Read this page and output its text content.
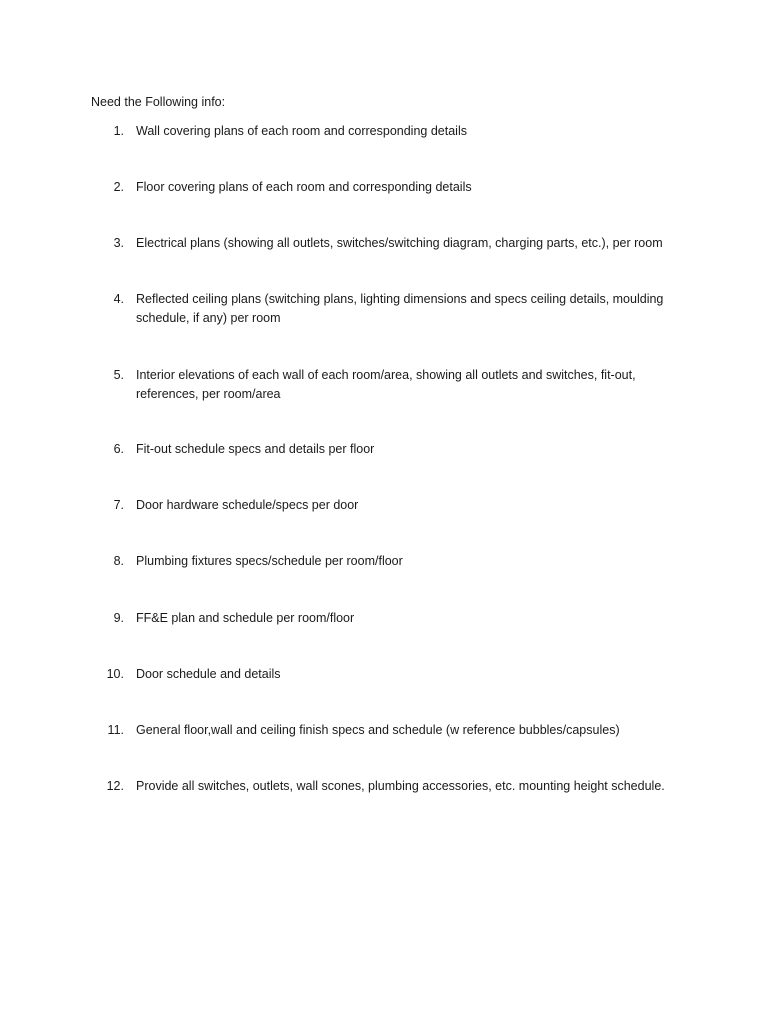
Need the Following info:
1. Wall covering plans of each room and corresponding details
2. Floor covering plans of each room and corresponding details
3. Electrical plans (showing all outlets, switches/switching diagram, charging parts, etc.), per room
4. Reflected ceiling plans (switching plans, lighting dimensions and specs ceiling details, moulding schedule, if any) per room
5. Interior elevations of each wall of each room/area, showing all outlets and switches, fit-out, references, per room/area
6. Fit-out schedule specs and details per floor
7. Door hardware schedule/specs per door
8. Plumbing fixtures specs/schedule per room/floor
9. FF&E plan and schedule per room/floor
10. Door schedule and details
11. General floor,wall and ceiling finish specs and schedule (w reference bubbles/capsules)
12. Provide all switches, outlets, wall scones, plumbing accessories, etc. mounting height schedule.
